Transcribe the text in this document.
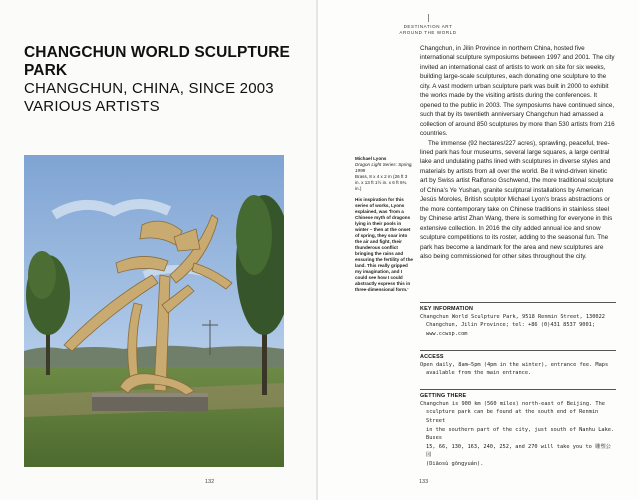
DESTINATION ART
AROUND THE WORLD
CHANGCHUN WORLD SCULPTURE PARK
CHANGCHUN, CHINA, SINCE 2003
VARIOUS ARTISTS
Michael Lyons
Dragon Light Series: Spring, 1998
Brass, 8 x 4 x 2 m (26 ft 3 in. x 13 ft 1½ in. x 6 ft 6¾ in.)
His inspiration for this series of works, Lyons explained, was 'from a Chinese myth of dragons lying in their pools in winter – then at the onset of spring, they soar into the air and fight, their thunderous conflict bringing the rains and ensuring the fertility of the land. This really gripped my imagination, and I could see how I could abstractly express this in three-dimensional form.'

Changchun, in Jilin Province in northern China, hosted five international sculpture symposiums between 1997 and 2001. The city invited an international cast of artists to work on site for six weeks, building large-scale sculptures, each donating one sculpture to the city. A vast modern urban sculpture park was built in 2000 to exhibit the works made by the visiting artists during the conferences. It opened to the public in 2003. The symposiums have continued since, such that by its twentieth anniversary Changchun had amassed a collection of around 850 sculptures by more than 530 artists from 216 countries.

The immense (92 hectares/227 acres), sprawling, peaceful, tree-lined park has four museums, several large squares, a large central lake and undulating paths lined with sculptures in diverse styles and materials by artists from all over the world. Be it wind-driven kinetic art by Swiss artist Ralfonso Gschwend, the more traditional sculpture of China's Ye Yushan, granite sculptural installations by American Jesús Moroles, British sculptor Michael Lyon's brass abstractions or the more contemporary take on Chinese traditions in stainless steel by Chinese artist Zhan Wang, there is something for everyone in this extensive collection. In 2016 the city added annual ice and snow sculpture competitions to its roster, adding to the seasonal fun. The park has become a landmark for the area and new sculptures are also being commissioned for other sites throughout the city.

KEY INFORMATION
Changchun World Sculpture Park, 9518 Renmin Street, 130022
Changchun, Jilin Province; tel: +86 (0)431 8537 9001;
www.ccwsp.com
ACCESS
Open daily, 8am–5pm (4pm in the winter), entrance fee. Maps
available from the main entrance.
GETTING THERE
Changchun is 900 km (560 miles) north-east of Beijing. The
sculpture park can be found at the south end of Renmin Street
in the southern part of the city, just south of Nanhu Lake. Buses
15, 66, 130, 163, 240, 252, and 270 will take you to 雕塑公园
(Diāosù gōngyuán).
132	133
